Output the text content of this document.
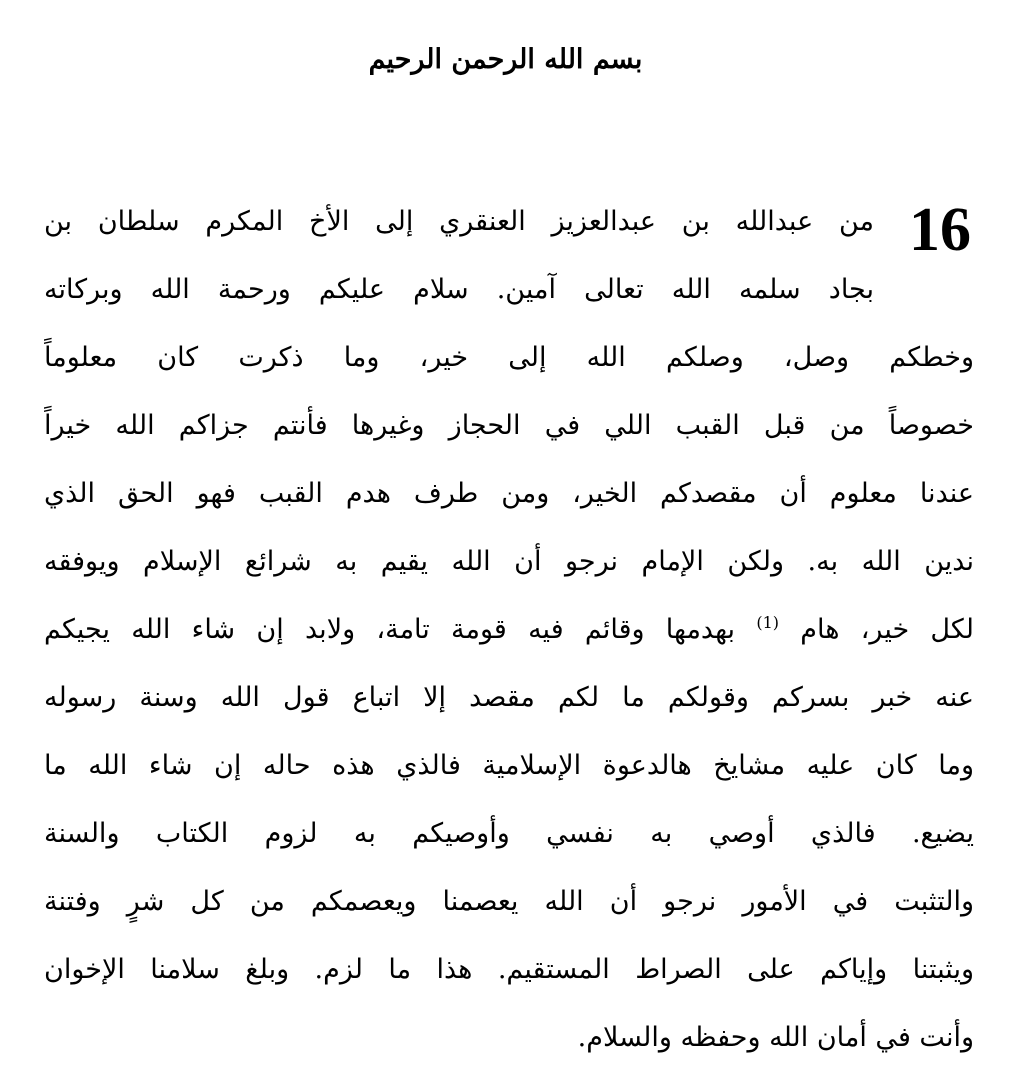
بسم الله الرحمن الرحيم
16
من عبدالله بن عبدالعزيز العنقري إلى الأخ المكرم سلطان بن
بجاد سلمه الله تعالى آمين. سلام عليكم ورحمة الله وبركاته
وخطكم وصل، وصلكم الله إلى خير، وما ذكرت كان معلوماً
خصوصاً من قبل القبب اللي في الحجاز وغيرها فأنتم جزاكم الله خيراً
عندنا معلوم أن مقصدكم الخير، ومن طرف هدم القبب فهو الحق الذي
ندين الله به. ولكن الإمام نرجو أن الله يقيم به شرائع الإسلام ويوفقه
لكل خير، هام $^{(1)}$ بهدمها وقائم فيه قومة تامة، ولابد إن شاء الله يجيكم
عنه خبر بسركم وقولكم ما لكم مقصد إلا اتباع قول الله وسنة رسوله
وما كان عليه مشايخ هالدعوة الإسلامية فالذي هذه حاله إن شاء الله ما
يضيع. فالذي أوصي به نفسي وأوصيكم به لزوم الكتاب والسنة
والتثبت في الأمور نرجو أن الله يعصمنا ويعصمكم من كل شرٍ وفتنة
ويثبتنا وإياكم على الصراط المستقيم. هذا ما لزم. وبلغ سلامنا الإخوان
وأنت في أمان الله وحفظه والسلام.
